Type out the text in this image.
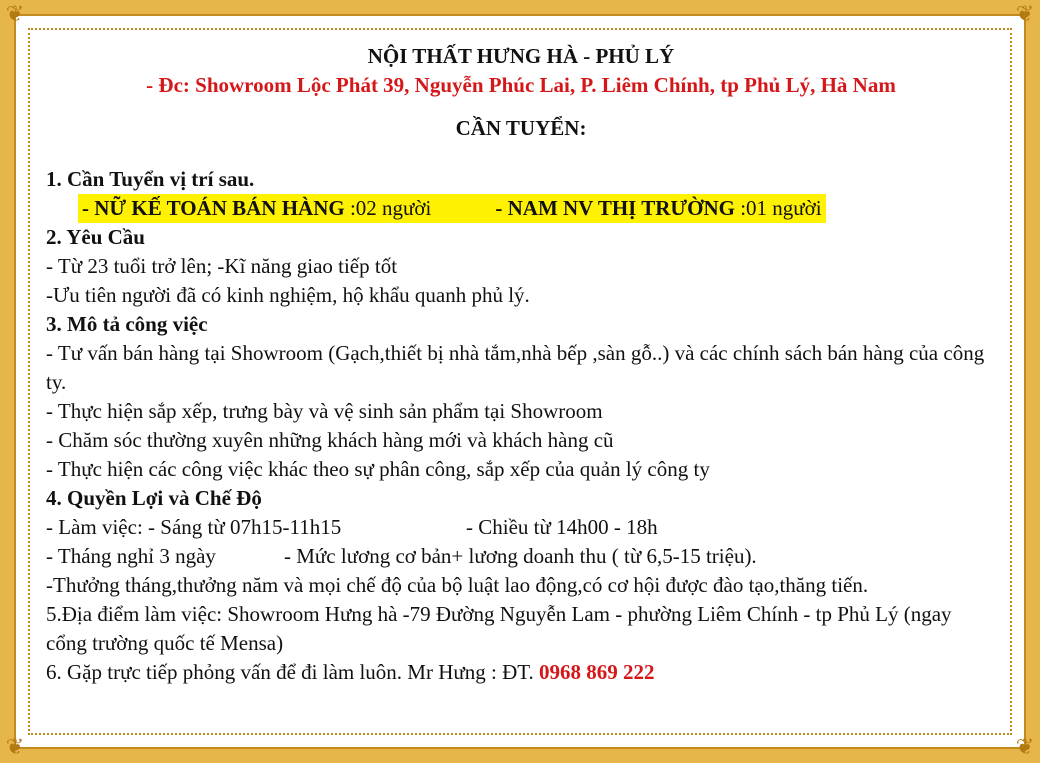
❦	❦
❦	❦
NỘI THẤT HƯNG HÀ - PHỦ LÝ
- Đc: Showroom Lộc Phát 39, Nguyễn Phúc Lai, P. Liêm Chính, tp Phủ Lý, Hà Nam
CẦN TUYỂN:
1. Cần Tuyển vị trí sau.
- NỮ KẾ TOÁN BÁN HÀNG :02 người	- NAM NV THỊ TRƯỜNG :01 người
2. Yêu Cầu
- Từ 23 tuổi trở lên; -Kĩ năng giao tiếp tốt
-Ưu tiên người đã có kinh nghiệm, hộ khẩu quanh phủ lý.
3. Mô tả công việc
- Tư vấn bán hàng tại Showroom (Gạch,thiết bị nhà tắm,nhà bếp ,sàn gỗ..) và các chính sách bán hàng của công ty.
- Thực hiện sắp xếp, trưng bày và vệ sinh sản phẩm tại Showroom
- Chăm sóc thường xuyên những khách hàng mới và khách hàng cũ
- Thực hiện các công việc khác theo sự phân công, sắp xếp của quản lý công ty
4. Quyền Lợi và Chế Độ
- Làm việc: - Sáng từ 07h15-11h15	- Chiều từ 14h00 - 18h
- Tháng nghỉ 3 ngày	- Mức lương cơ bản+ lương doanh thu ( từ 6,5-15 triệu).
-Thưởng tháng,thưởng năm và mọi chế độ của bộ luật lao động,có cơ hội được đào tạo,thăng tiến.
5.Địa điểm làm việc: Showroom Hưng hà -79 Đường Nguyễn Lam - phường Liêm Chính - tp Phủ Lý (ngay cổng trường quốc tế Mensa)
6. Gặp trực tiếp phỏng vấn để đi làm luôn. Mr Hưng : ĐT. 0968 869 222
